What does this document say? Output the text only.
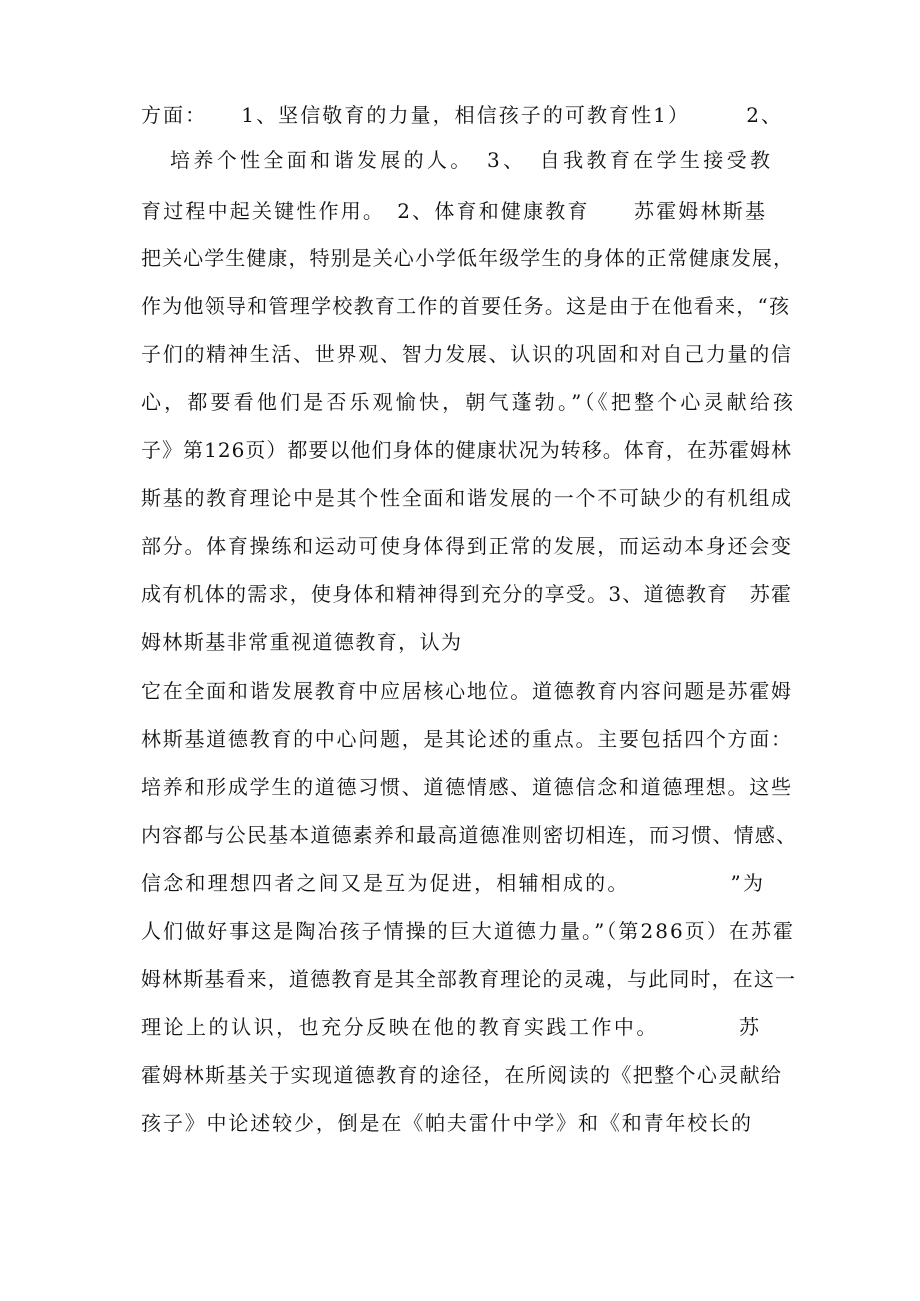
方面：　　1、坚信敬育的力量，相信孩子的可教育性1）　　　2、
培养个性全面和谐发展的人。　3、　自我教育在学生接受教
育过程中起关键性作用。　2、体育和健康教育　　苏霍姆林斯基
把关心学生健康，特别是关心小学低年级学生的身体的正常健康发展，
作为他领导和管理学校教育工作的首要任务。这是由于在他看来，“孩
子们的精神生活、世界观、智力发展、认识的巩固和对自己力量的信
心，都要看他们是否乐观愉快，朝气蓬勃。”（《把整个心灵献给孩
子》第126页）都要以他们身体的健康状况为转移。体育，在苏霍姆林
斯基的教育理论中是其个性全面和谐发展的一个不可缺少的有机组成
部分。体育操练和运动可使身体得到正常的发展，而运动本身还会变
成有机体的需求，使身体和精神得到充分的享受。3、道德教育　苏霍
姆林斯基非常重视道德教育，认为
它在全面和谐发展教育中应居核心地位。道德教育内容问题是苏霍姆
林斯基道德教育的中心问题，是其论述的重点。主要包括四个方面：
培养和形成学生的道德习惯、道德情感、道德信念和道德理想。这些
内容都与公民基本道德素养和最高道德准则密切相连，而习惯、情感、
信念和理想四者之间又是互为促进，相辅相成的。　　　　　”为
人们做好事这是陶冶孩子情操的巨大道德力量。”（第286页）在苏霍
姆林斯基看来，道德教育是其全部教育理论的灵魂，与此同时，在这一
理论上的认识，也充分反映在他的教育实践工作中。　　　　苏
霍姆林斯基关于实现道德教育的途径，在所阅读的《把整个心灵献给
孩子》中论述较少，倒是在《帕夫雷什中学》和《和青年校长的
